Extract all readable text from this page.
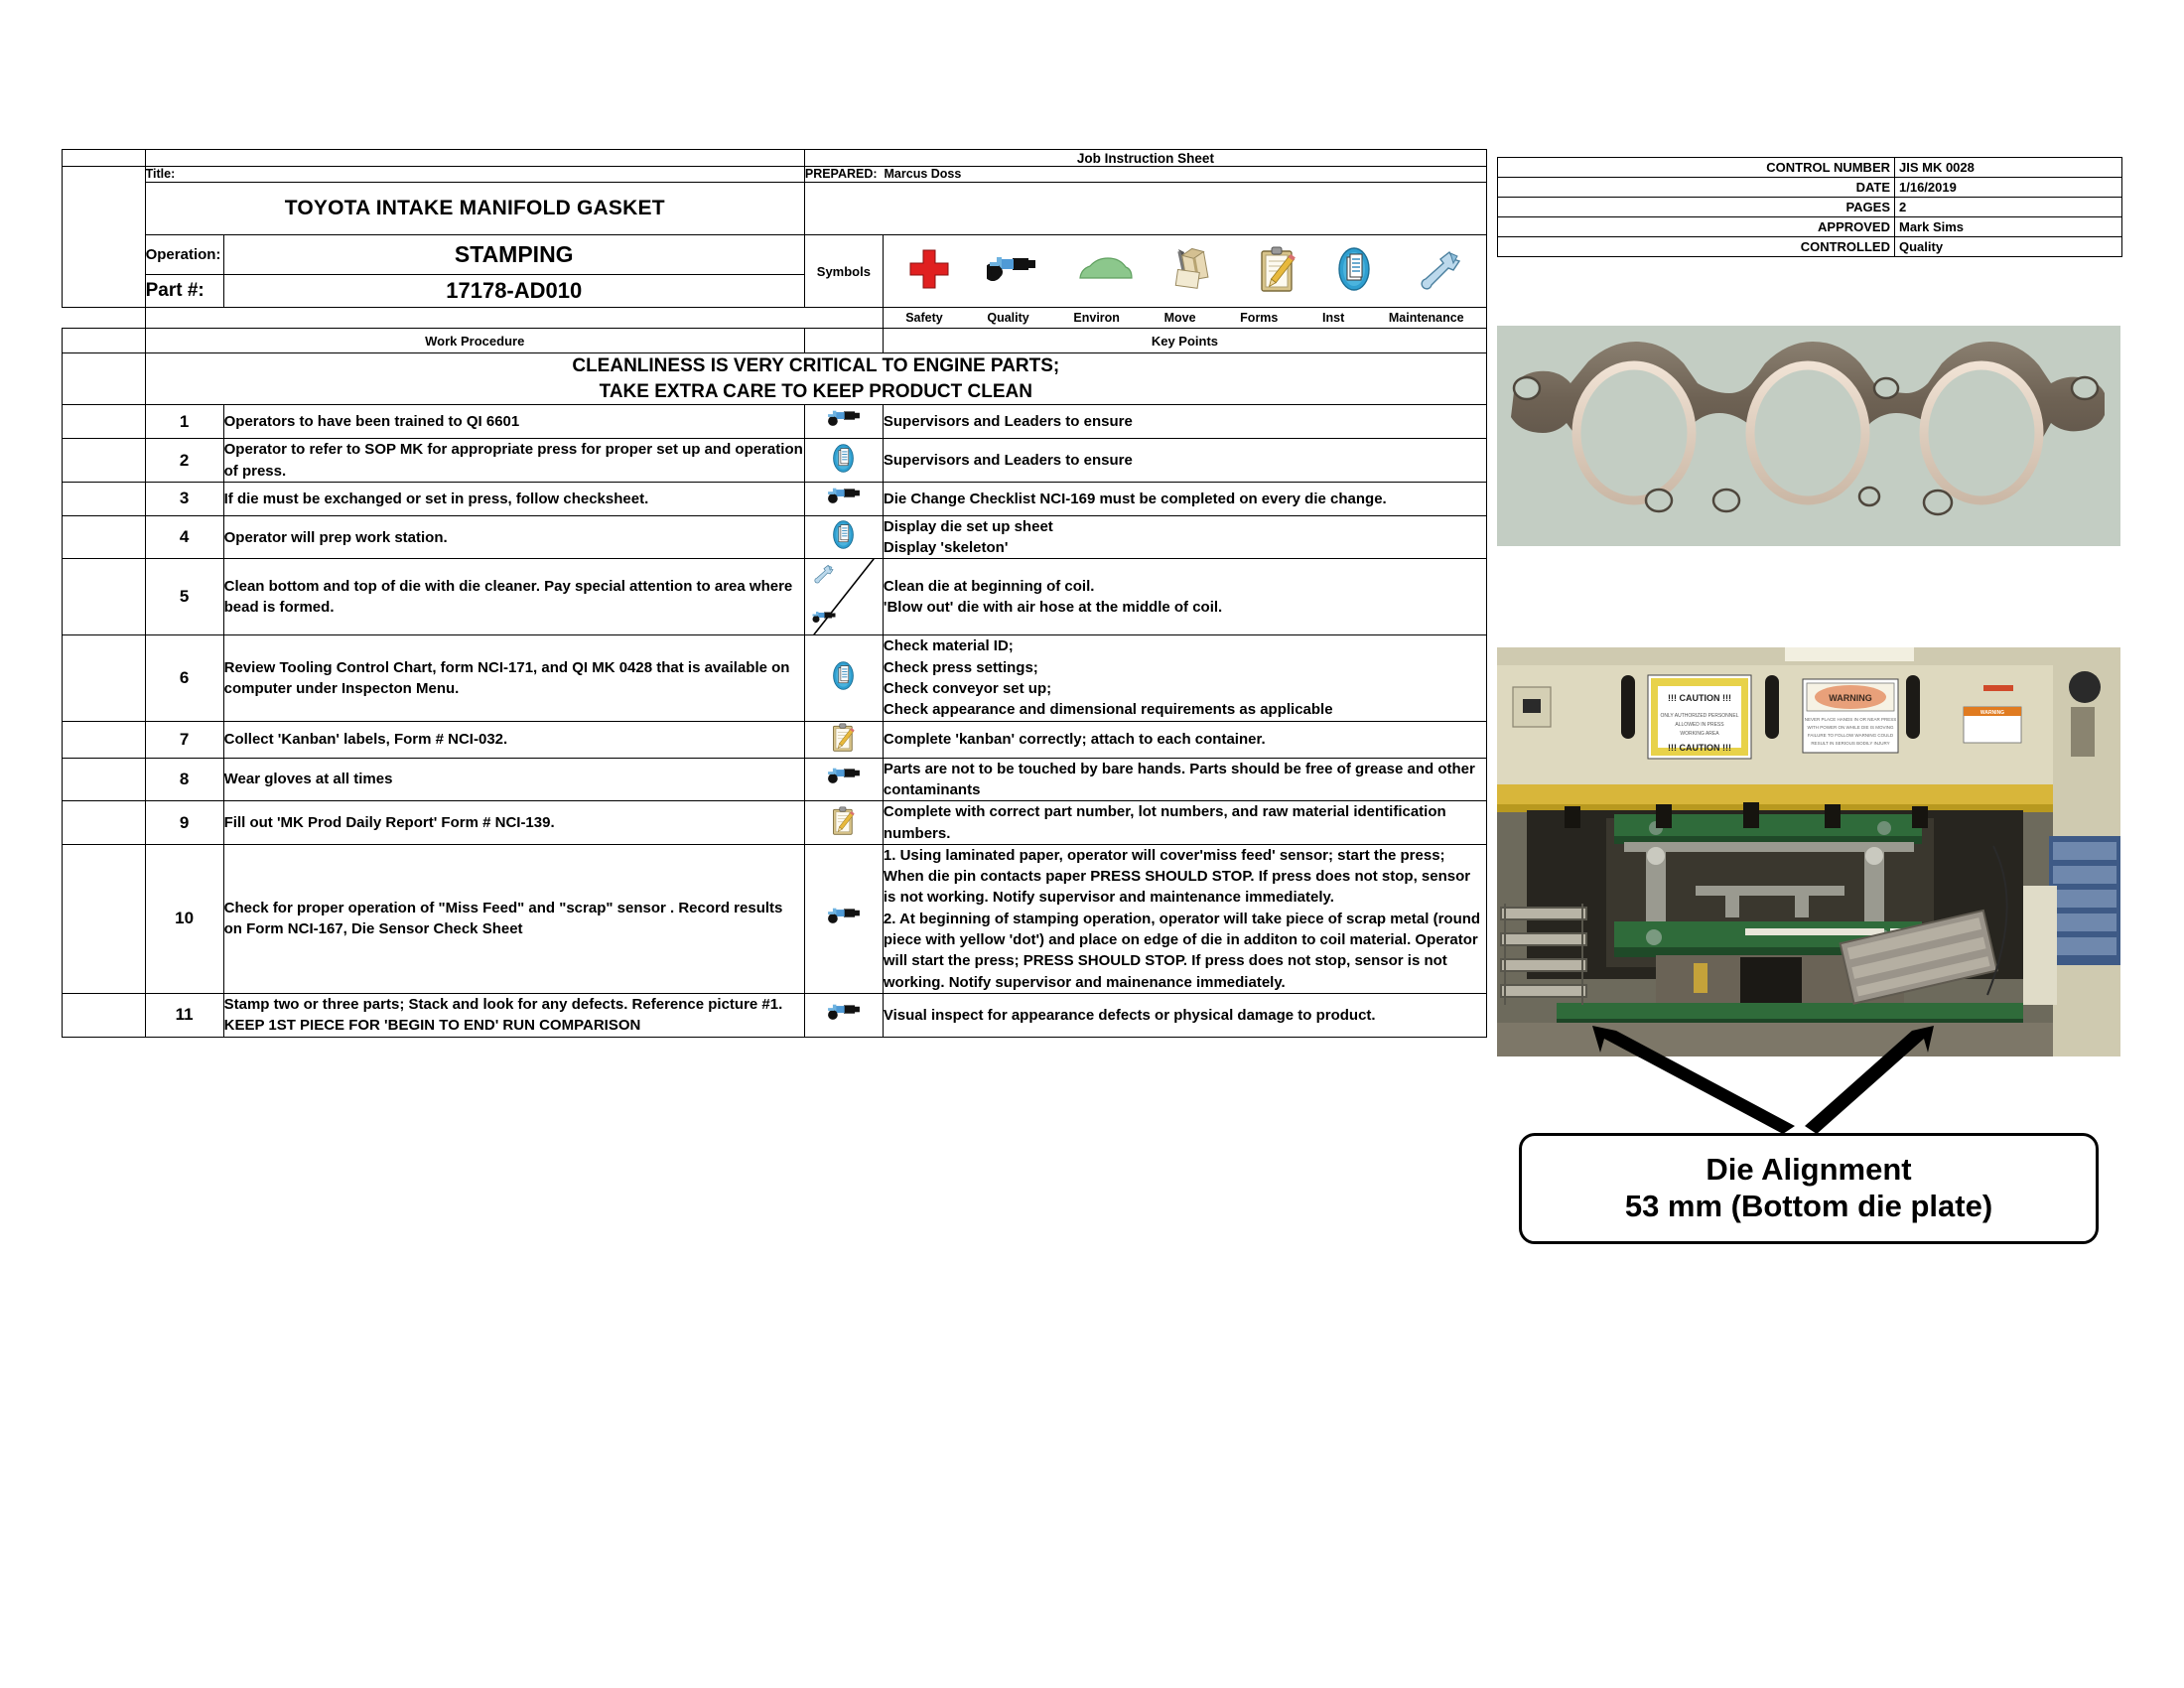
			Job Instruction Sheet	
	Title:		PREPARED: Marcus Doss	
	TOYOTA INTAKE MANIFOLD GASKET			
	Operation:	STAMPING	Symbols	

	Part #:	17178-AD010		

Safety	Quality	Environ	Move	Forms	Inst	Maintenance

	Work Procedure			Key Points

	CLEANLINESS IS VERY CRITICAL TO ENGINE PARTS;
TAKE EXTRA CARE TO KEEP PRODUCT CLEAN			

	1	Operators to have been trained to QI 6601		Supervisors and Leaders to ensure
	2	Operator to refer to SOP MK for appropriate press for proper set up and operation of press.		Supervisors and Leaders to ensure
	3	If die must be exchanged or set in press, follow checksheet.		Die Change Checklist NCI-169 must be completed on every die change.
	4	Operator will prep work station.		Display die set up sheet
Display 'skeleton'

	5	Clean bottom and top of die with die cleaner. Pay special attention to area where bead is formed.		Clean die at beginning of coil.
'Blow out' die with air hose at the middle of coil.

	6	Review Tooling Control Chart, form NCI-171, and QI MK 0428 that is available on computer under Inspecton Menu.		Check material ID;
Check press settings;
Check conveyor set up;
Check appearance and dimensional requirements as applicable

	7	Collect 'Kanban' labels, Form # NCI-032.		Complete 'kanban' correctly; attach to each container.
	8	Wear gloves at all times		Parts are not to be touched by bare hands. Parts should be free of grease and other contaminants
	9	Fill out 'MK Prod Daily Report' Form # NCI-139.		Complete with correct part number, lot numbers, and raw material identification numbers.
	10	Check for proper operation of "Miss Feed" and "scrap" sensor . Record results on Form NCI-167, Die Sensor Check Sheet		1. Using laminated paper, operator will cover'miss feed' sensor; start the press; When die pin contacts paper PRESS SHOULD STOP. If press does not stop, sensor is not working. Notify supervisor and maintenance immediately.
2. At beginning of stamping operation, operator will take piece of scrap metal (round piece with yellow 'dot') and place on edge of die in additon to coil material. Operator will start the press; PRESS SHOULD STOP. If press does not stop, sensor is not working. Notify supervisor and mainenance immediately.

	11	Stamp two or three parts; Stack and look for any defects. Reference picture #1.
KEEP 1ST PIECE FOR 'BEGIN TO END' RUN COMPARISON		Visual inspect for appearance defects or physical damage to product.

CONTROL NUMBER	JIS MK 0028
DATE	1/16/2019
PAGES	2
APPROVED	Mark Sims
CONTROLLED	Quality
!!! CAUTION !!!
ONLY AUTHORIZED PERSONNEL
ALLOWED IN PRESS
WORKING AREA
!!! CAUTION !!!
WARNING
NEVER PLACE HANDS IN OR NEAR PRESS
WITH POWER ON WHILE DIE IS MOVING
FAILURE TO FOLLOW WARNING COULD
RESULT IN SERIOUS BODILY INJURY
WARNING
Die Alignment
53 mm (Bottom die plate)
